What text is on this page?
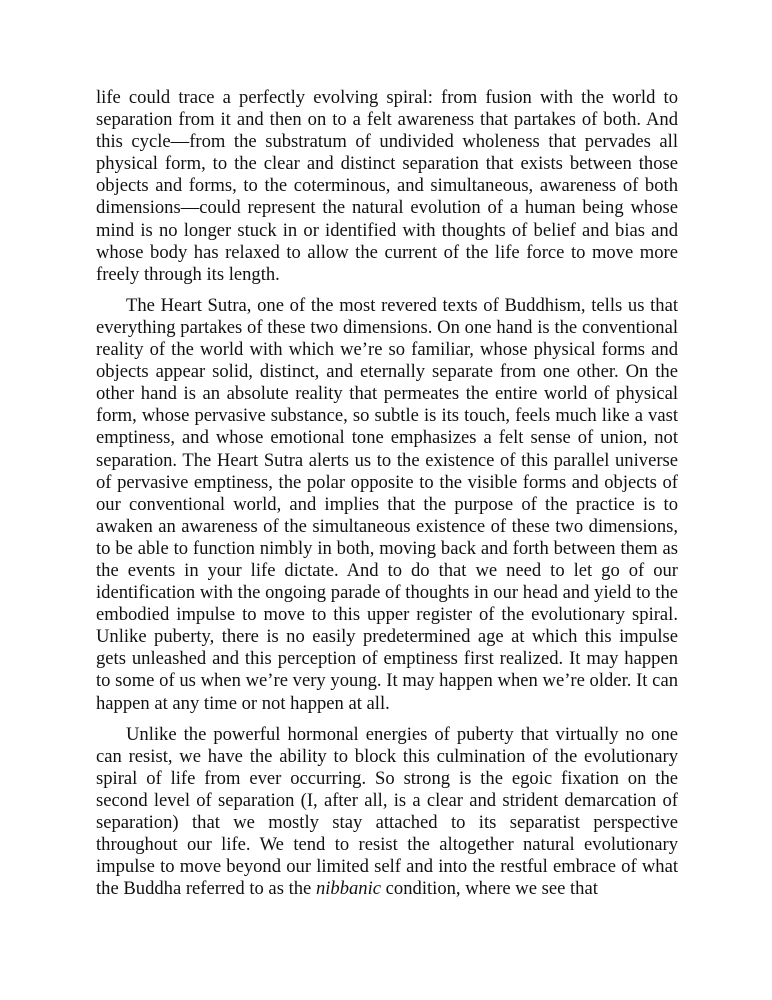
life could trace a perfectly evolving spiral: from fusion with the world to separation from it and then on to a felt awareness that partakes of both. And this cycle—from the substratum of undivided wholeness that pervades all physical form, to the clear and distinct separation that exists between those objects and forms, to the coterminous, and simultaneous, awareness of both dimensions—could represent the natural evolution of a human being whose mind is no longer stuck in or identified with thoughts of belief and bias and whose body has relaxed to allow the current of the life force to move more freely through its length.

The Heart Sutra, one of the most revered texts of Buddhism, tells us that everything partakes of these two dimensions. On one hand is the conventional reality of the world with which we’re so familiar, whose physical forms and objects appear solid, distinct, and eternally separate from one other. On the other hand is an absolute reality that permeates the entire world of physical form, whose pervasive substance, so subtle is its touch, feels much like a vast emptiness, and whose emotional tone emphasizes a felt sense of union, not separation. The Heart Sutra alerts us to the existence of this parallel universe of pervasive emptiness, the polar opposite to the visible forms and objects of our conventional world, and implies that the purpose of the practice is to awaken an awareness of the simultaneous existence of these two dimensions, to be able to function nimbly in both, moving back and forth between them as the events in your life dictate. And to do that we need to let go of our identification with the ongoing parade of thoughts in our head and yield to the embodied impulse to move to this upper register of the evolutionary spiral. Unlike puberty, there is no easily predetermined age at which this impulse gets unleashed and this perception of emptiness first realized. It may happen to some of us when we’re very young. It may happen when we’re older. It can happen at any time or not happen at all.

Unlike the powerful hormonal energies of puberty that virtually no one can resist, we have the ability to block this culmination of the evolutionary spiral of life from ever occurring. So strong is the egoic fixation on the second level of separation (I, after all, is a clear and strident demarcation of separation) that we mostly stay attached to its separatist perspective throughout our life. We tend to resist the altogether natural evolutionary impulse to move beyond our limited self and into the restful embrace of what the Buddha referred to as the nibbanic condition, where we see that
